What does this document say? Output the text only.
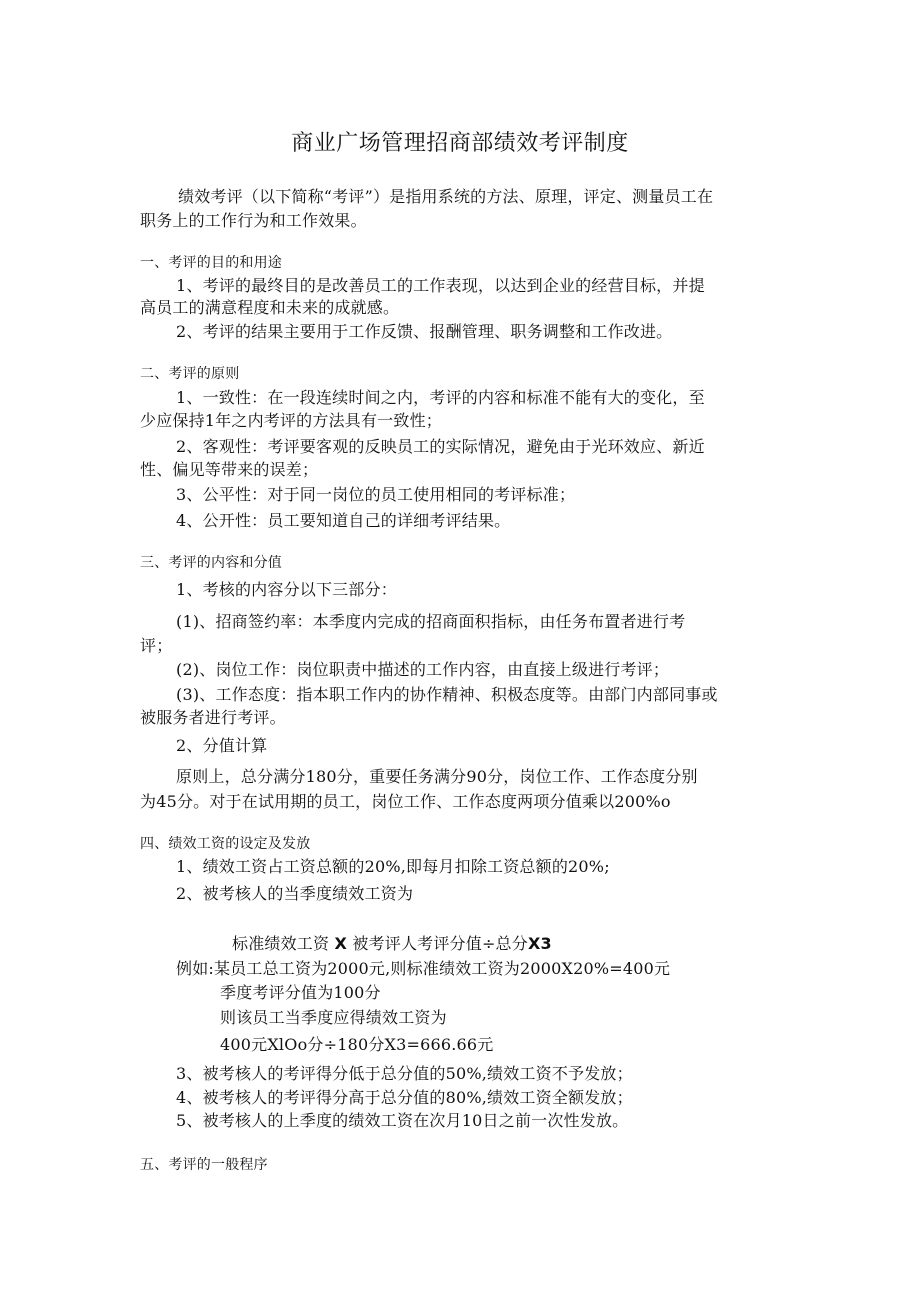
商业广场管理招商部绩效考评制度
绩效考评（以下简称“考评”）是指用系统的方法、原理，评定、测量员工在
职务上的工作行为和工作效果。
一、考评的目的和用途
1、考评的最终目的是改善员工的工作表现，以达到企业的经营目标，并提
高员工的满意程度和未来的成就感。
2、考评的结果主要用于工作反馈、报酬管理、职务调整和工作改进。
二、考评的原则
1、一致性：在一段连续时间之内，考评的内容和标准不能有大的变化，至
少应保持1年之内考评的方法具有一致性；
2、客观性：考评要客观的反映员工的实际情况，避免由于光环效应、新近
性、偏见等带来的误差；
3、公平性：对于同一岗位的员工使用相同的考评标准；
4、公开性：员工要知道自己的详细考评结果。
三、考评的内容和分值
1、考核的内容分以下三部分：
(1)、招商签约率：本季度内完成的招商面积指标，由任务布置者进行考
评；
(2)、岗位工作：岗位职责中描述的工作内容，由直接上级进行考评；
(3)、工作态度：指本职工作内的协作精神、积极态度等。由部门内部同事或
被服务者进行考评。
2、分值计算
原则上，总分满分180分，重要任务满分90分，岗位工作、工作态度分别
为45分。对于在试用期的员工，岗位工作、工作态度两项分值乘以200%o
四、绩效工资的设定及发放
1、绩效工资占工资总额的20%,即每月扣除工资总额的20%;
2、被考核人的当季度绩效工资为
标准绩效工资 X 被考评人考评分值÷总分X3
例如:某员工总工资为2000元,则标准绩效工资为2000X20%=400元
季度考评分值为100分
则该员工当季度应得绩效工资为
400元XlOo分÷180分X3=666.66元
3、被考核人的考评得分低于总分值的50%,绩效工资不予发放；
4、被考核人的考评得分高于总分值的80%,绩效工资全额发放；
5、被考核人的上季度的绩效工资在次月10日之前一次性发放。
五、考评的一般程序
